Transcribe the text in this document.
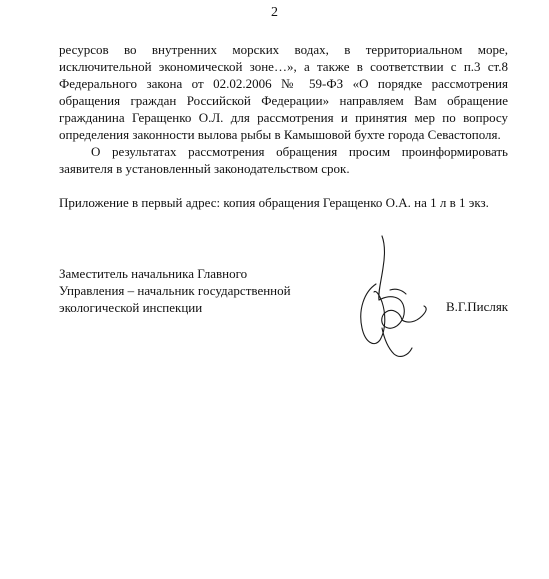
2

ресурсов во внутренних морских водах, в территориальном море, исключительной экономической зоне…», а также в соответствии с п.3 ст.8 Федерального закона от 02.02.2006 № 59-ФЗ «О порядке рассмотрения обращения граждан Российской Федерации» направляем Вам обращение гражданина Геращенко О.Л. для рассмотрения и принятия мер по вопросу определения законности вылова рыбы в Камышовой бухте города Севастополя.

О результатах рассмотрения обращения просим проинформировать заявителя в установленный законодательством срок.

Приложение в первый адрес: копия обращения Геращенко О.А. на 1 л в 1 экз.

Заместитель начальника Главного
Управления – начальник государственной
экологической инспекции	В.Г.Писляк
